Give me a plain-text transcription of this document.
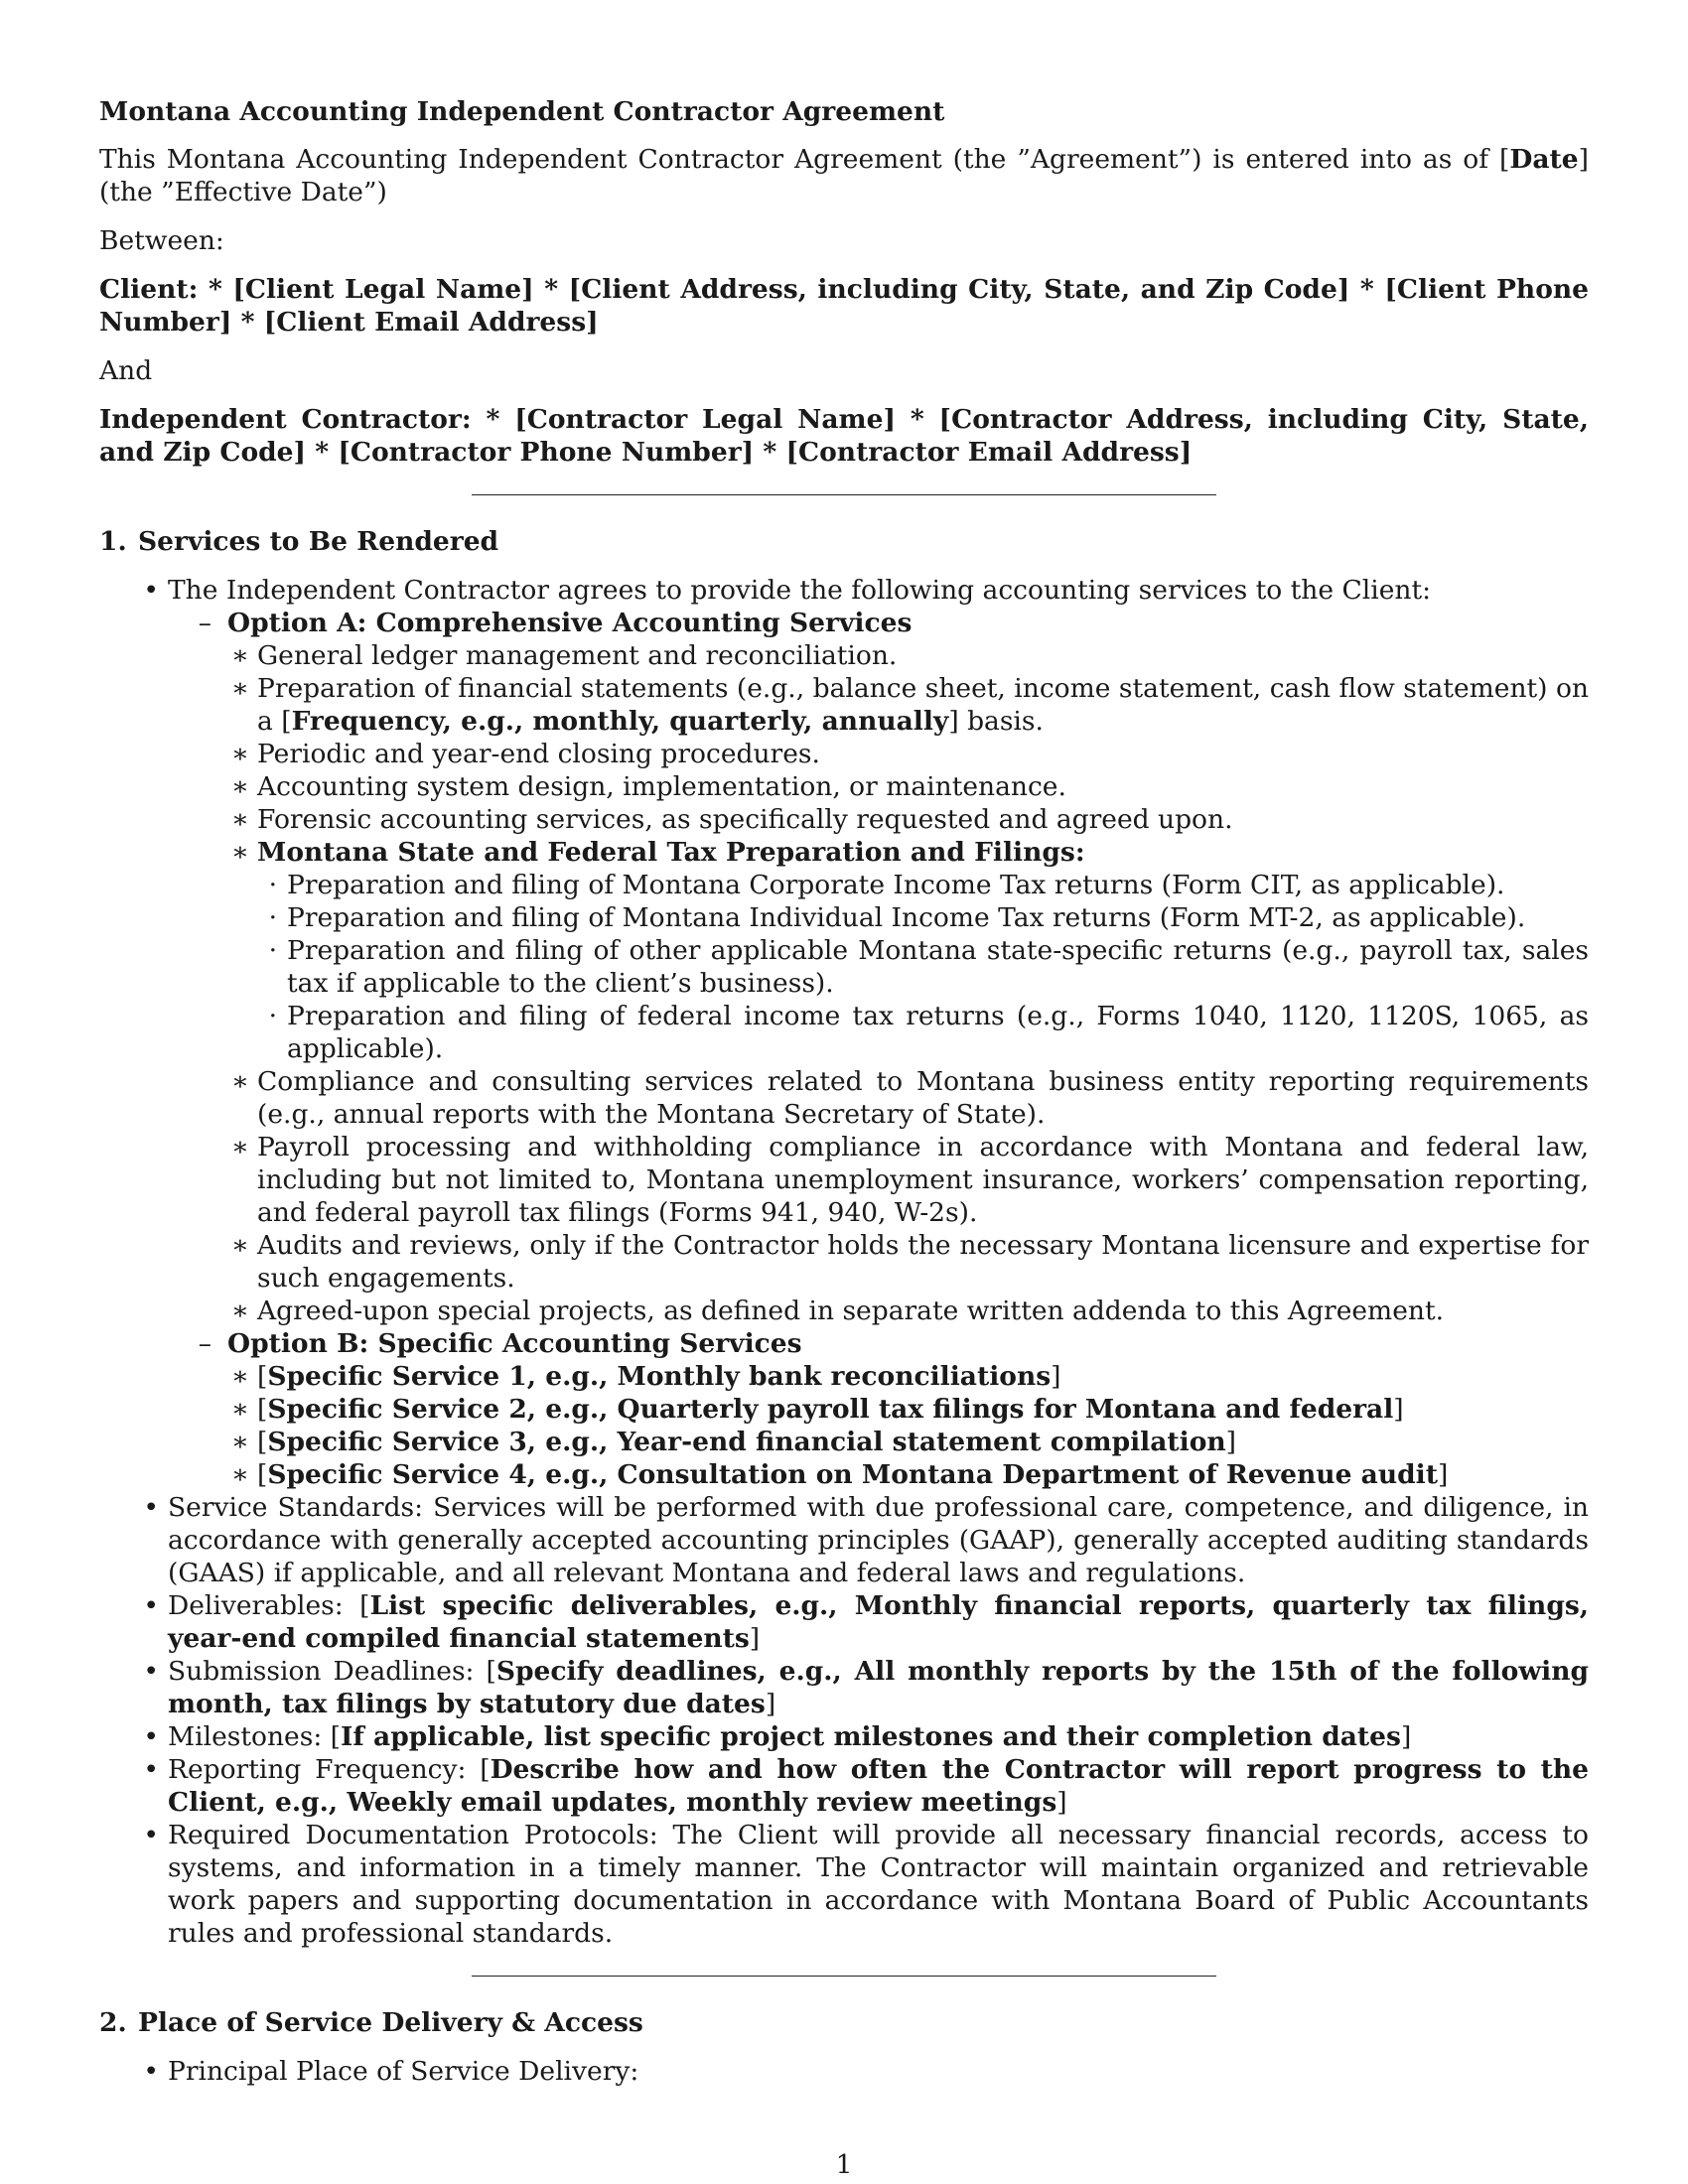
Montana Accounting Independent Contractor Agreement

This Montana Accounting Independent Contractor Agreement (the ”Agreement”) is entered into as of [Date] (the ”Effective Date”)

Between:

Client: * [Client Legal Name] * [Client Address, including City, State, and Zip Code] * [Client Phone Number] * [Client Email Address]

And

Independent Contractor: * [Contractor Legal Name] * [Contractor Address, including City, State, and Zip Code] * [Contractor Phone Number] * [Contractor Email Address]

1. Services to Be Rendered
• The Independent Contractor agrees to provide the following accounting services to the Client:
– Option A: Comprehensive Accounting Services
∗ General ledger management and reconciliation.
∗ Preparation of financial statements (e.g., balance sheet, income statement, cash flow statement) on a [Frequency, e.g., monthly, quarterly, annually] basis.
∗ Periodic and year-end closing procedures.
∗ Accounting system design, implementation, or maintenance.
∗ Forensic accounting services, as specifically requested and agreed upon.
∗ Montana State and Federal Tax Preparation and Filings:
· Preparation and filing of Montana Corporate Income Tax returns (Form CIT, as applicable).
· Preparation and filing of Montana Individual Income Tax returns (Form MT-2, as applicable).
· Preparation and filing of other applicable Montana state-specific returns (e.g., payroll tax, sales tax if applicable to the client’s business).
· Preparation and filing of federal income tax returns (e.g., Forms 1040, 1120, 1120S, 1065, as applicable).
∗ Compliance and consulting services related to Montana business entity reporting requirements (e.g., annual reports with the Montana Secretary of State).
∗ Payroll processing and withholding compliance in accordance with Montana and federal law, including but not limited to, Montana unemployment insurance, workers’ compensation reporting, and federal payroll tax filings (Forms 941, 940, W-2s).
∗ Audits and reviews, only if the Contractor holds the necessary Montana licensure and expertise for such engagements.
∗ Agreed-upon special projects, as defined in separate written addenda to this Agreement.
– Option B: Specific Accounting Services
∗ [Specific Service 1, e.g., Monthly bank reconciliations]
∗ [Specific Service 2, e.g., Quarterly payroll tax filings for Montana and federal]
∗ [Specific Service 3, e.g., Year-end financial statement compilation]
∗ [Specific Service 4, e.g., Consultation on Montana Department of Revenue audit]
• Service Standards: Services will be performed with due professional care, competence, and diligence, in accordance with generally accepted accounting principles (GAAP), generally accepted auditing standards (GAAS) if applicable, and all relevant Montana and federal laws and regulations.
• Deliverables: [List specific deliverables, e.g., Monthly financial reports, quarterly tax filings, year-end compiled financial statements]
• Submission Deadlines: [Specify deadlines, e.g., All monthly reports by the 15th of the following month, tax filings by statutory due dates]
• Milestones: [If applicable, list specific project milestones and their completion dates]
• Reporting Frequency: [Describe how and how often the Contractor will report progress to the Client, e.g., Weekly email updates, monthly review meetings]
• Required Documentation Protocols: The Client will provide all necessary financial records, access to systems, and information in a timely manner. The Contractor will maintain organized and retrievable work papers and supporting documentation in accordance with Montana Board of Public Accountants rules and professional standards.
2. Place of Service Delivery & Access
• Principal Place of Service Delivery:
1
